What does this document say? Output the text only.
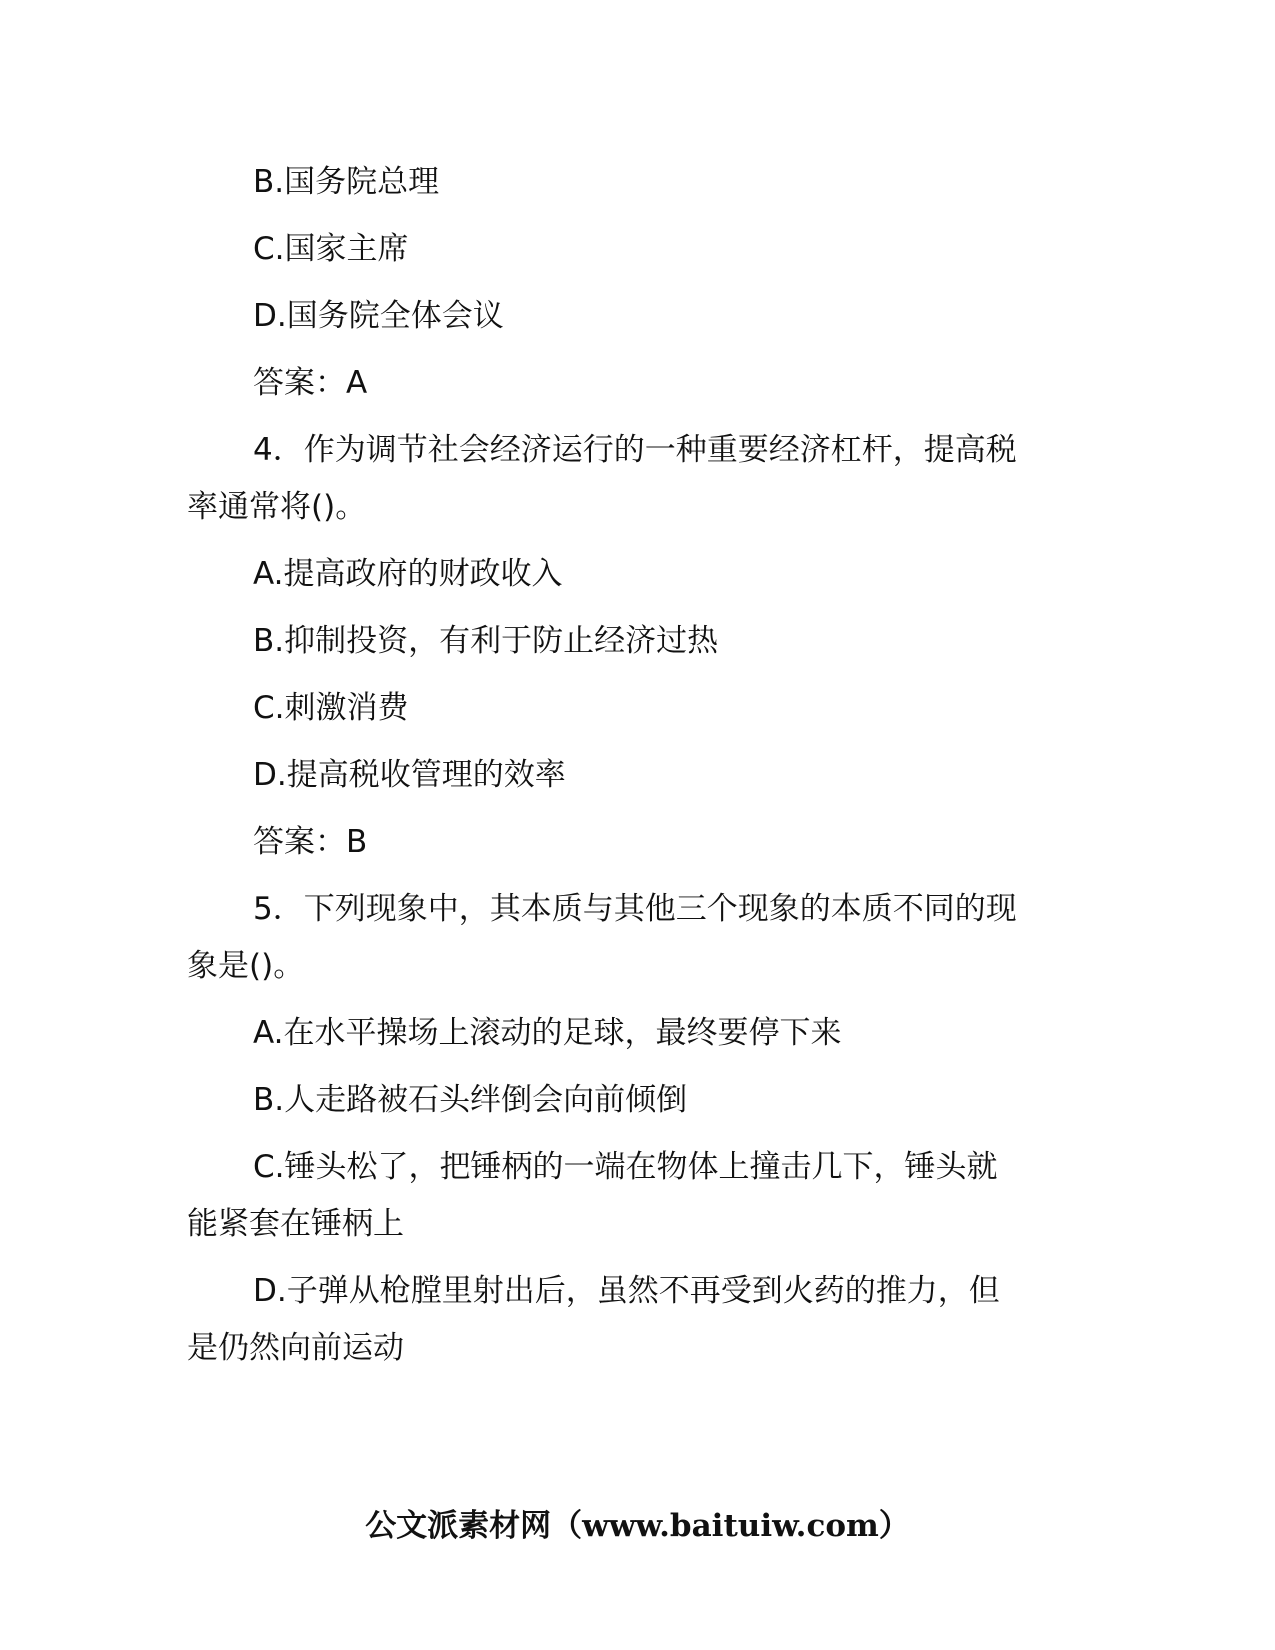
B.国务院总理
C.国家主席
D.国务院全体会议
答案：A
4．作为调节社会经济运行的一种重要经济杠杆，提高税
率通常将()。
A.提高政府的财政收入
B.抑制投资，有利于防止经济过热
C.刺激消费
D.提高税收管理的效率
答案：B
5．下列现象中，其本质与其他三个现象的本质不同的现
象是()。
A.在水平操场上滚动的足球，最终要停下来
B.人走路被石头绊倒会向前倾倒
C.锤头松了，把锤柄的一端在物体上撞击几下，锤头就
能紧套在锤柄上
D.子弹从枪膛里射出后，虽然不再受到火药的推力，但
是仍然向前运动
公文派素材网（www.baituiw.com）
